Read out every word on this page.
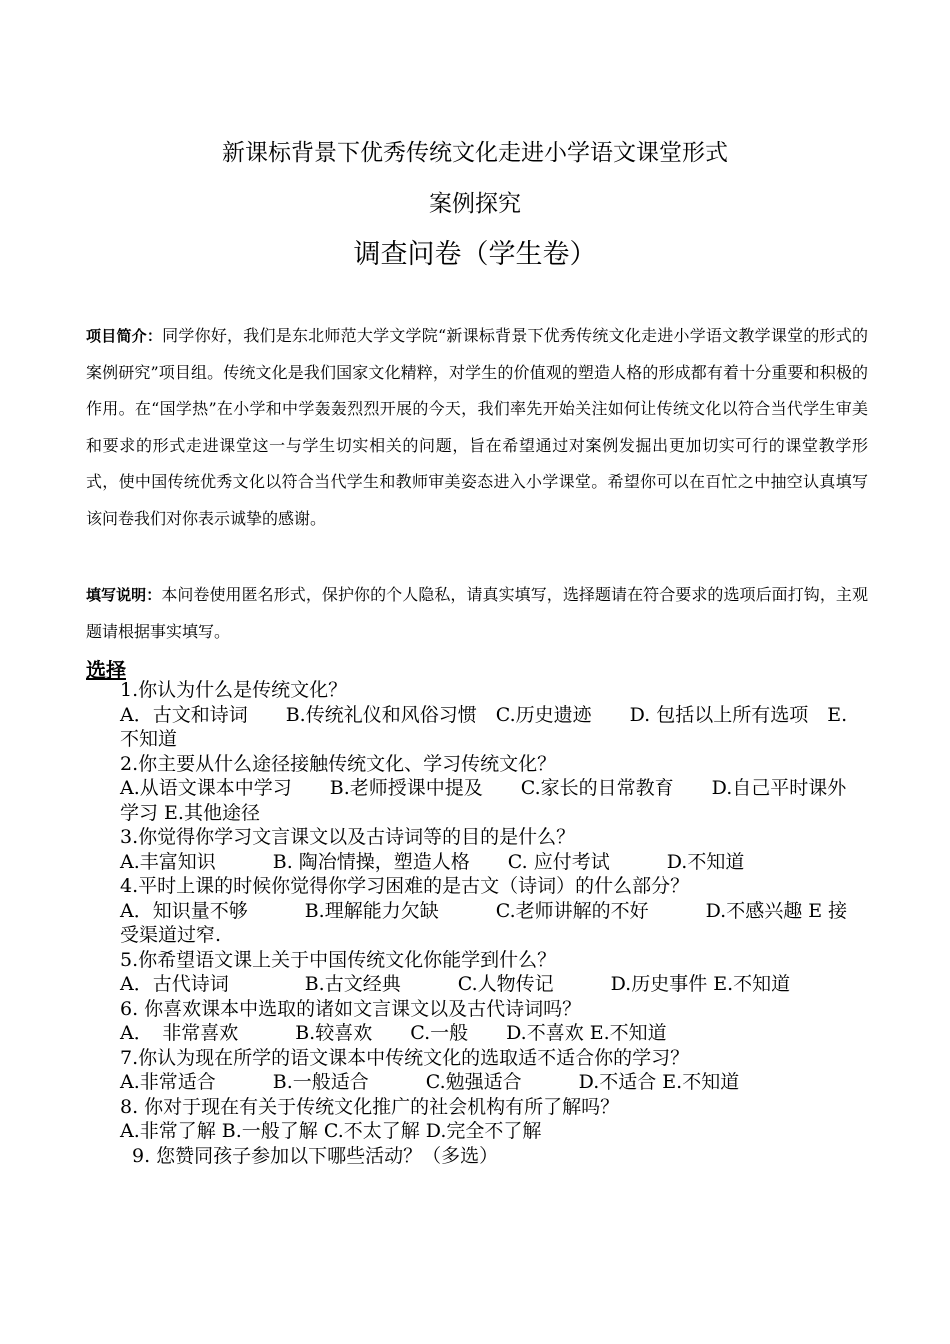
新课标背景下优秀传统文化走进小学语文课堂形式
案例探究
调查问卷（学生卷）
项目简介：同学你好，我们是东北师范大学文学院“新课标背景下优秀传统文化走进小学语文教学课堂的形式的案例研究”项目组。传统文化是我们国家文化精粹，对学生的价值观的塑造人格的形成都有着十分重要和积极的作用。在“国学热”在小学和中学轰轰烈烈开展的今天，我们率先开始关注如何让传统文化以符合当代学生审美和要求的形式走进课堂这一与学生切实相关的问题，旨在希望通过对案例发掘出更加切实可行的课堂教学形式，使中国传统优秀文化以符合当代学生和教师审美姿态进入小学课堂。希望你可以在百忙之中抽空认真填写该问卷我们对你表示诚挚的感谢。
填写说明：本问卷使用匿名形式，保护你的个人隐私，请真实填写，选择题请在符合要求的选项后面打钩，主观题请根据事实填写。
选择

1.你认为什么是传统文化？

A．古文和诗词　　B.传统礼仪和风俗习惯　C.历史遗迹　　D. 包括以上所有选项　E. 不知道

2.你主要从什么途径接触传统文化、学习传统文化？

A.从语文课本中学习　　B.老师授课中提及　　C.家长的日常教育　　D.自己平时课外学习 E.其他途径

3.你觉得你学习文言课文以及古诗词等的目的是什么？

A.丰富知识　　　B. 陶冶情操，塑造人格　　C. 应付考试　　　D.不知道

4.平时上课的时候你觉得你学习困难的是古文（诗词）的什么部分？

A．知识量不够　　　B.理解能力欠缺　　　C.老师讲解的不好　　　D.不感兴趣 E 接受渠道过窄.

5.你希望语文课上关于中国传统文化你能学到什么？

A．古代诗词　　　　B.古文经典　　　C.人物传记　　　D.历史事件 E.不知道

6. 你喜欢课本中选取的诸如文言课文以及古代诗词吗？

A．　非常喜欢　　　B.较喜欢　　C.一般　　D.不喜欢 E.不知道

7.你认为现在所学的语文课本中传统文化的选取适不适合你的学习？

A.非常适合　　　B.一般适合　　　C.勉强适合　　　D.不适合 E.不知道

8. 你对于现在有关于传统文化推广的社会机构有所了解吗？

A.非常了解 B.一般了解 C.不太了解 D.完全不了解

9. 您赞同孩子参加以下哪些活动？（多选）
